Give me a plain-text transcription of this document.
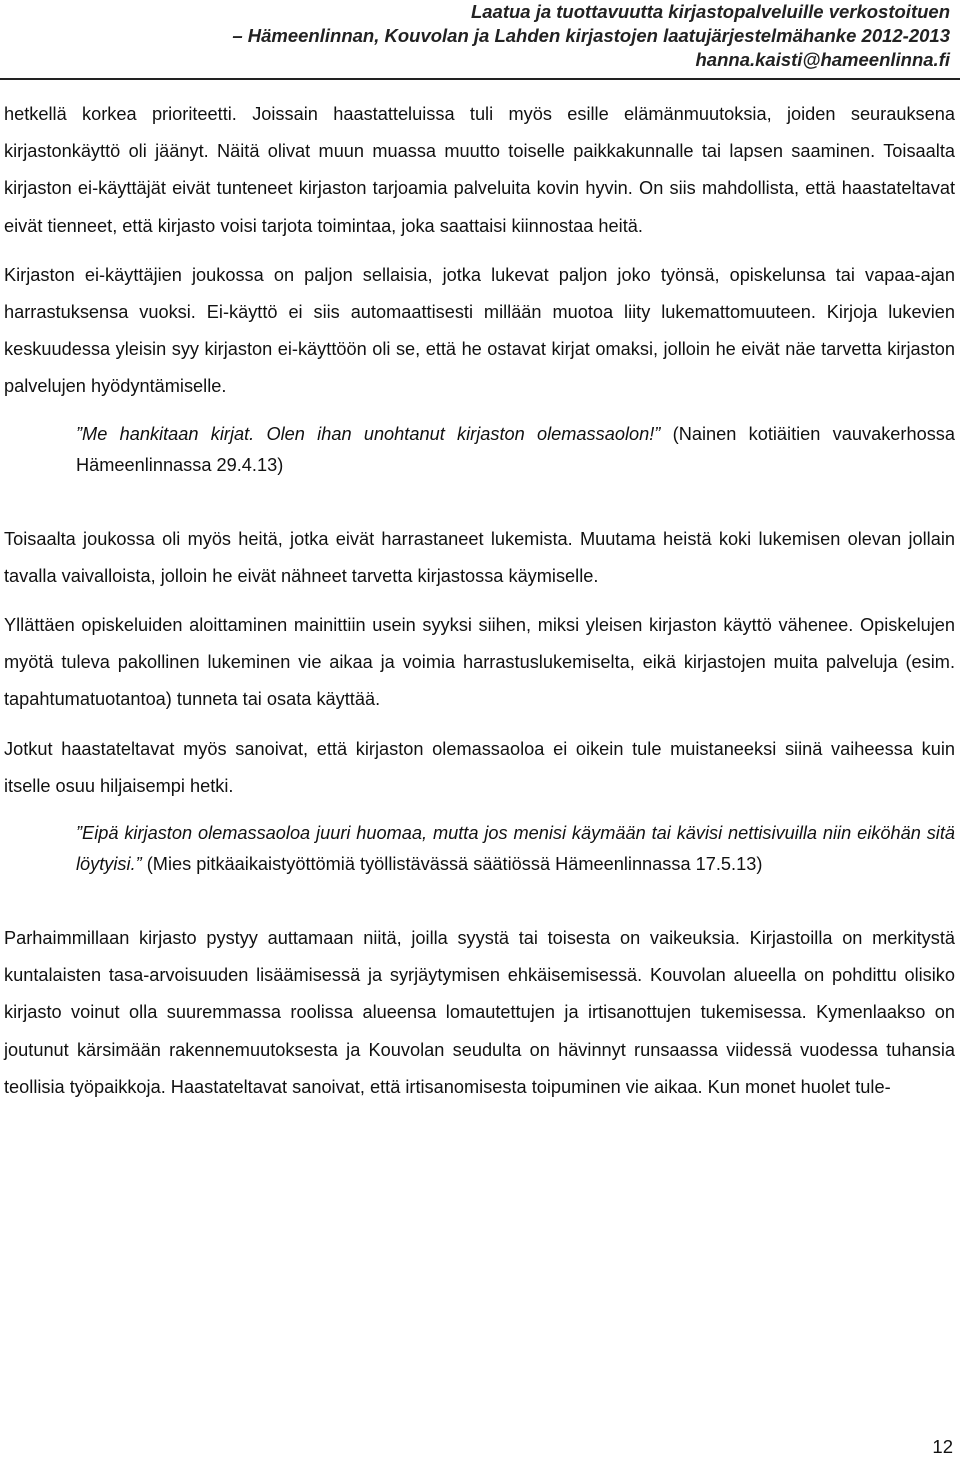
Laatua ja tuottavuutta kirjastopalveluille verkostoituen
– Hämeenlinnan, Kouvolan ja Lahden kirjastojen laatujärjestelmähanke 2012-2013
hanna.kaisti@hameenlinna.fi

hetkellä korkea prioriteetti. Joissain haastatteluissa tuli myös esille elämänmuutoksia, joiden seurauksena kirjastonkäyttö oli jäänyt. Näitä olivat muun muassa muutto toiselle paikkakunnalle tai lapsen saaminen. Toisaalta kirjaston ei-käyttäjät eivät tunteneet kirjaston tarjoamia palveluita kovin hyvin. On siis mahdollista, että haastateltavat eivät tienneet, että kirjasto voisi tarjota toimintaa, joka saattaisi kiinnostaa heitä.

Kirjaston ei-käyttäjien joukossa on paljon sellaisia, jotka lukevat paljon joko työnsä, opiskelunsa tai vapaa-ajan harrastuksensa vuoksi. Ei-käyttö ei siis automaattisesti millään muotoa liity lukemattomuuteen. Kirjoja lukevien keskuudessa yleisin syy kirjaston ei-käyttöön oli se, että he ostavat kirjat omaksi, jolloin he eivät näe tarvetta kirjaston palvelujen hyödyntämiselle.

”Me hankitaan kirjat. Olen ihan unohtanut kirjaston olemassaolon!” (Nainen kotiäitien vauvakerhossa Hämeenlinnassa 29.4.13)

Toisaalta joukossa oli myös heitä, jotka eivät harrastaneet lukemista. Muutama heistä koki lukemisen olevan jollain tavalla vaivalloista, jolloin he eivät nähneet tarvetta kirjastossa käymiselle.

Yllättäen opiskeluiden aloittaminen mainittiin usein syyksi siihen, miksi yleisen kirjaston käyttö vähenee. Opiskelujen myötä tuleva pakollinen lukeminen vie aikaa ja voimia harrastuslukemiselta, eikä kirjastojen muita palveluja (esim. tapahtumatuotantoa) tunneta tai osata käyttää.

Jotkut haastateltavat myös sanoivat, että kirjaston olemassaoloa ei oikein tule muistaneeksi siinä vaiheessa kuin itselle osuu hiljaisempi hetki.

”Eipä kirjaston olemassaoloa juuri huomaa, mutta jos menisi käymään tai kävisi nettisivuilla niin eiköhän sitä löytyisi.” (Mies pitkäaikaistyöttömiä työllistävässä säätiössä Hämeenlinnassa 17.5.13)

Parhaimmillaan kirjasto pystyy auttamaan niitä, joilla syystä tai toisesta on vaikeuksia. Kirjastoilla on merkitystä kuntalaisten tasa-arvoisuuden lisäämisessä ja syrjäytymisen ehkäisemisessä. Kouvolan alueella on pohdittu olisiko kirjasto voinut olla suuremmassa roolissa alueensa lomautettujen ja irtisanottujen tukemisessa. Kymenlaakso on joutunut kärsimään rakennemuutoksesta ja Kouvolan seudulta on hävinnyt runsaassa viidessä vuodessa tuhansia teollisia työpaikkoja. Haastateltavat sanoivat, että irtisanomisesta toipuminen vie aikaa. Kun monet huolet tule-

12
